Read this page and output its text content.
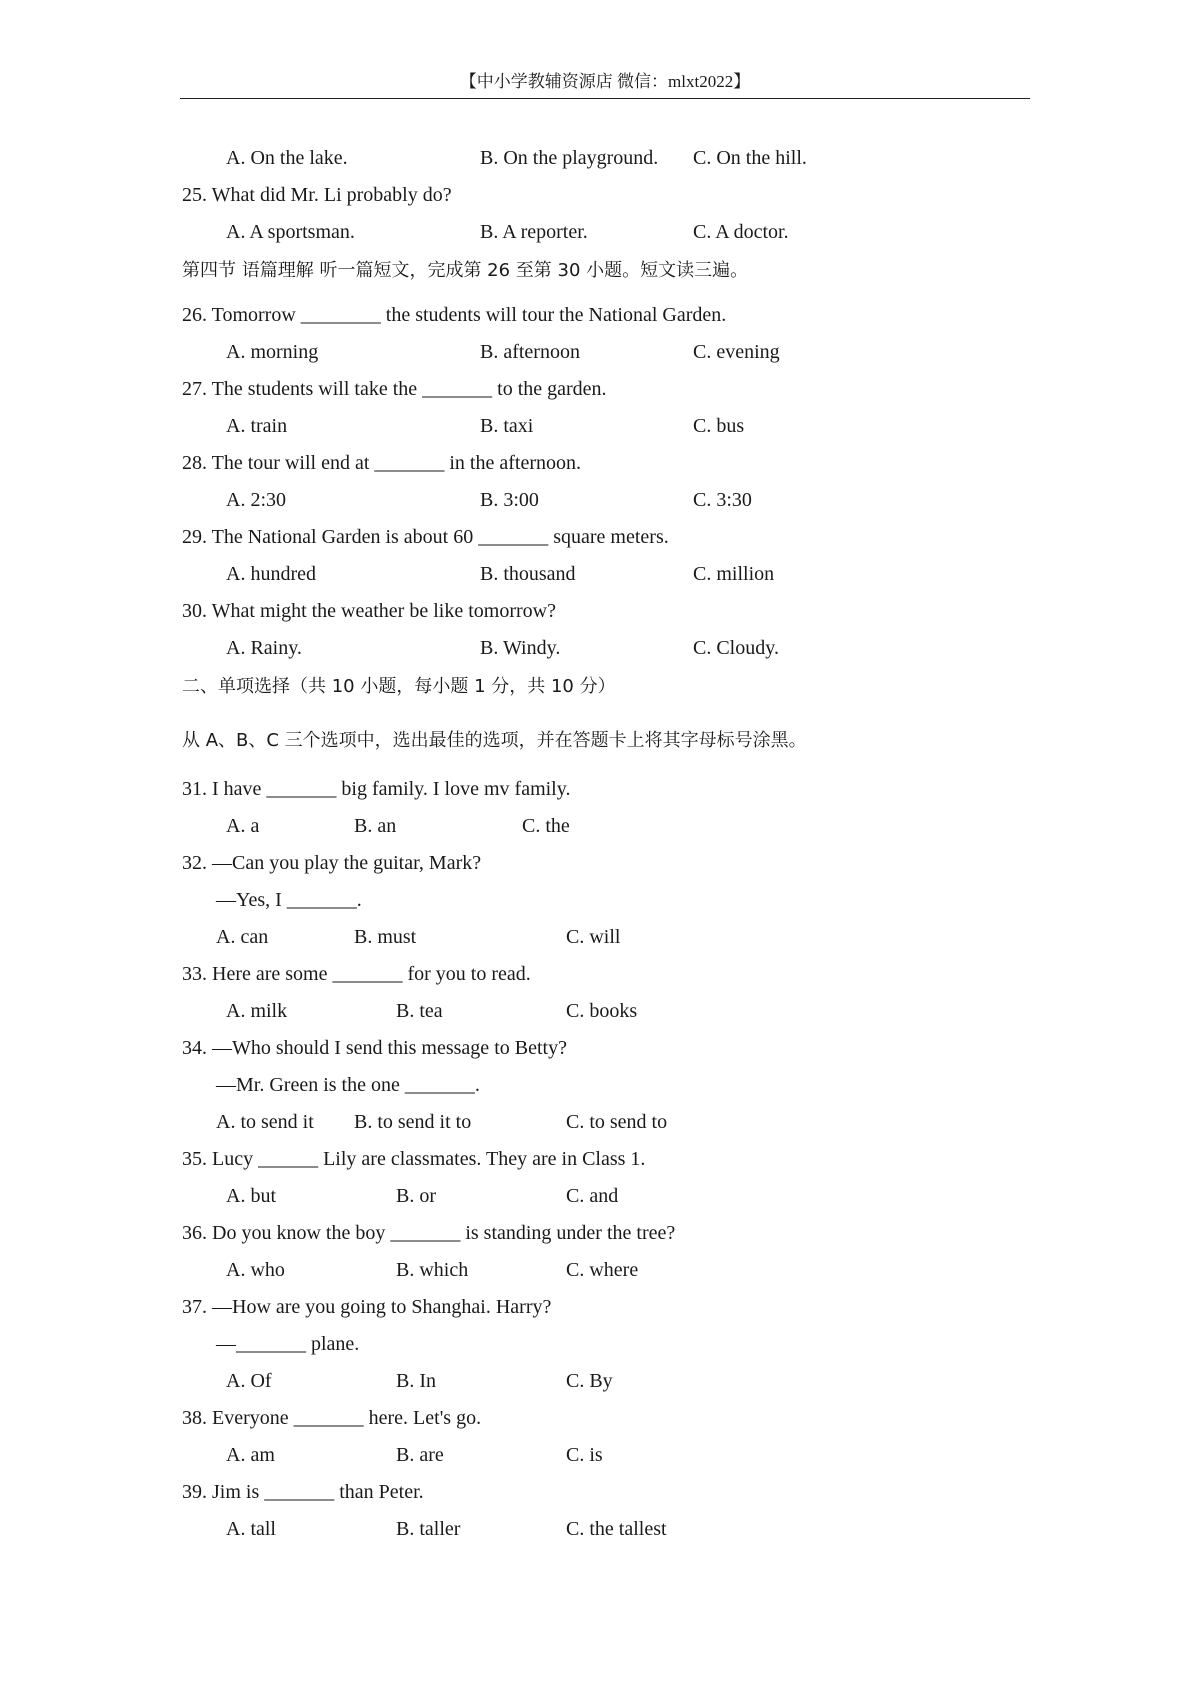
【中小学教辅资源店 微信：mlxt2022】
A. On the lake.	B. On the playground. C. On the hill.
25. What did Mr. Li probably do?
A. A sportsman.	B. A reporter.	C. A doctor.
第四节 语篇理解 听一篇短文，完成第 26 至第 30 小题。短文读三遍。
26. Tomorrow ________ the students will tour the National Garden.
A. morning	B. afternoon	C. evening
27. The students will take the _______ to the garden.
A. train	B. taxi	C. bus
28. The tour will end at _______ in the afternoon.
A. 2:30	B. 3:00	C. 3:30
29. The National Garden is about 60 _______ square meters.
A. hundred	B. thousand	C. million
30. What might the weather be like tomorrow?
A. Rainy.	B. Windy.	C. Cloudy.
二、单项选择（共 10 小题，每小题 1 分，共 10 分）
从 A、B、C 三个选项中，选出最佳的选项，并在答题卡上将其字母标号涂黑。
31. I have _______ big family. I love mv family.
A. a	B. an	C. the
32. —Can you play the guitar, Mark?
—Yes, I _______.
A. can	B. must	C. will
33. Here are some _______ for you to read.
A. milk	B. tea	C. books
34. —Who should I send this message to Betty?
—Mr. Green is the one _______.
A. to send it B. to send it to	C. to send to
35. Lucy ______ Lily are classmates. They are in Class 1.
A. but	B. or	C. and
36. Do you know the boy _______ is standing under the tree?
A. who	B. which	C. where
37. —How are you going to Shanghai. Harry?
—_______ plane.
A. Of	B. In	C. By
38. Everyone _______ here. Let's go.
A. am	B. are	C. is
39. Jim is _______ than Peter.
A. tall	B. taller	C. the tallest
